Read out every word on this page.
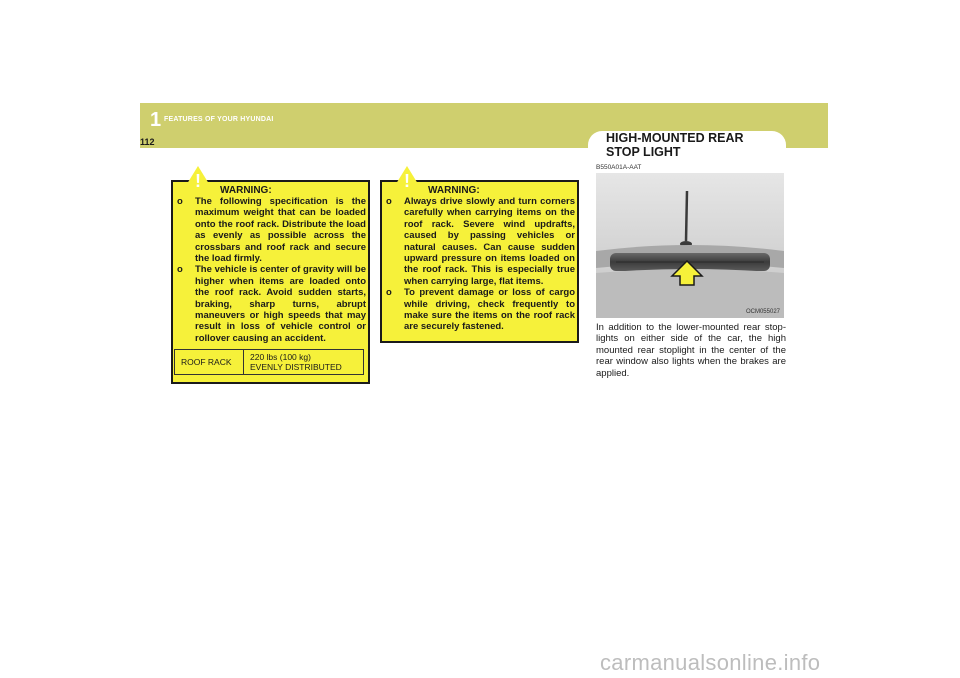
1 FEATURES OF YOUR HYUNDAI
112	HIGH-MOUNTED REAR STOP LIGHT
B550A01A-AAT
!	WARNING:
o The following specification is the maximum weight that can be loaded onto the roof rack. Distribute the load as evenly as possible across the crossbars and roof rack and secure the load firmly.
o The vehicle is center of gravity will be higher when items are loaded onto the roof rack. Avoid sudden starts, braking, sharp turns, abrupt maneuvers or high speeds that may result in loss of vehicle control or rollover causing an accident.
ROOF RACK	220 lbs (100 kg)
EVENLY DISTRIBUTED
!	WARNING:
o Always drive slowly and turn corners carefully when carrying items on the roof rack. Severe wind updrafts, caused by passing vehicles or natural causes. Can cause sudden upward pressure on items loaded on the roof rack. This is especially true when carrying large, flat items.
o To prevent damage or loss of cargo while driving, check frequently to make sure the items on the roof rack are securely fastened.
OCM055027
In addition to the lower-mounted rear stop-lights on either side of the car, the high mounted rear stoplight in the center of the rear window also lights when the brakes are applied.
carmanualsonline.info
